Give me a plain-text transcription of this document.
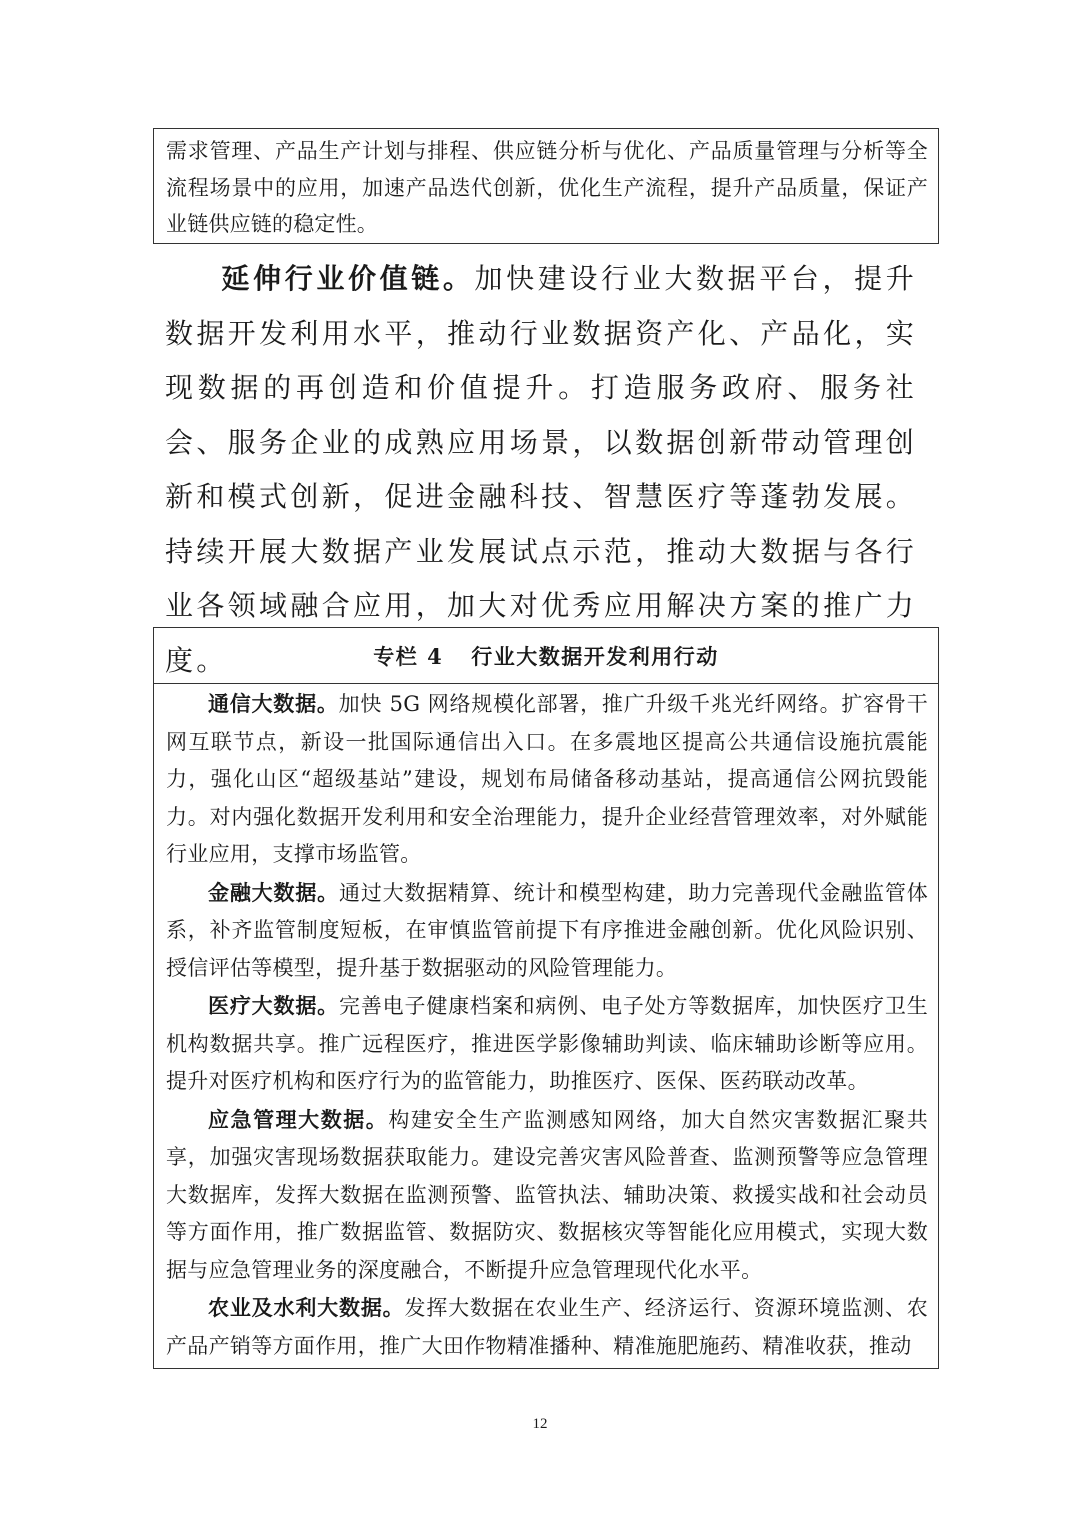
需求管理、产品生产计划与排程、供应链分析与优化、产品质量管理与分析等全流程场景中的应用，加速产品迭代创新，优化生产流程，提升产品质量，保证产业链供应链的稳定性。

延伸行业价值链。加快建设行业大数据平台，提升数据开发利用水平，推动行业数据资产化、产品化，实现数据的再创造和价值提升。打造服务政府、服务社会、服务企业的成熟应用场景，以数据创新带动管理创新和模式创新，促进金融科技、智慧医疗等蓬勃发展。持续开展大数据产业发展试点示范，推动大数据与各行业各领域融合应用，加大对优秀应用解决方案的推广力度。	专栏 4 行业大数据开发利用行动

通信大数据。加快 5G 网络规模化部署，推广升级千兆光纤网络。扩容骨干网互联节点，新设一批国际通信出入口。在多震地区提高公共通信设施抗震能力，强化山区“超级基站”建设，规划布局储备移动基站，提高通信公网抗毁能力。对内强化数据开发利用和安全治理能力，提升企业经营管理效率，对外赋能行业应用，支撑市场监管。

金融大数据。通过大数据精算、统计和模型构建，助力完善现代金融监管体系，补齐监管制度短板，在审慎监管前提下有序推进金融创新。优化风险识别、授信评估等模型，提升基于数据驱动的风险管理能力。

医疗大数据。完善电子健康档案和病例、电子处方等数据库，加快医疗卫生机构数据共享。推广远程医疗，推进医学影像辅助判读、临床辅助诊断等应用。提升对医疗机构和医疗行为的监管能力，助推医疗、医保、医药联动改革。

应急管理大数据。构建安全生产监测感知网络，加大自然灾害数据汇聚共享，加强灾害现场数据获取能力。建设完善灾害风险普查、监测预警等应急管理大数据库，发挥大数据在监测预警、监管执法、辅助决策、救援实战和社会动员等方面作用，推广数据监管、数据防灾、数据核灾等智能化应用模式，实现大数据与应急管理业务的深度融合，不断提升应急管理现代化水平。

农业及水利大数据。发挥大数据在农业生产、经济运行、资源环境监测、农产品产销等方面作用，推广大田作物精准播种、精准施肥施药、精准收获，推动

12
